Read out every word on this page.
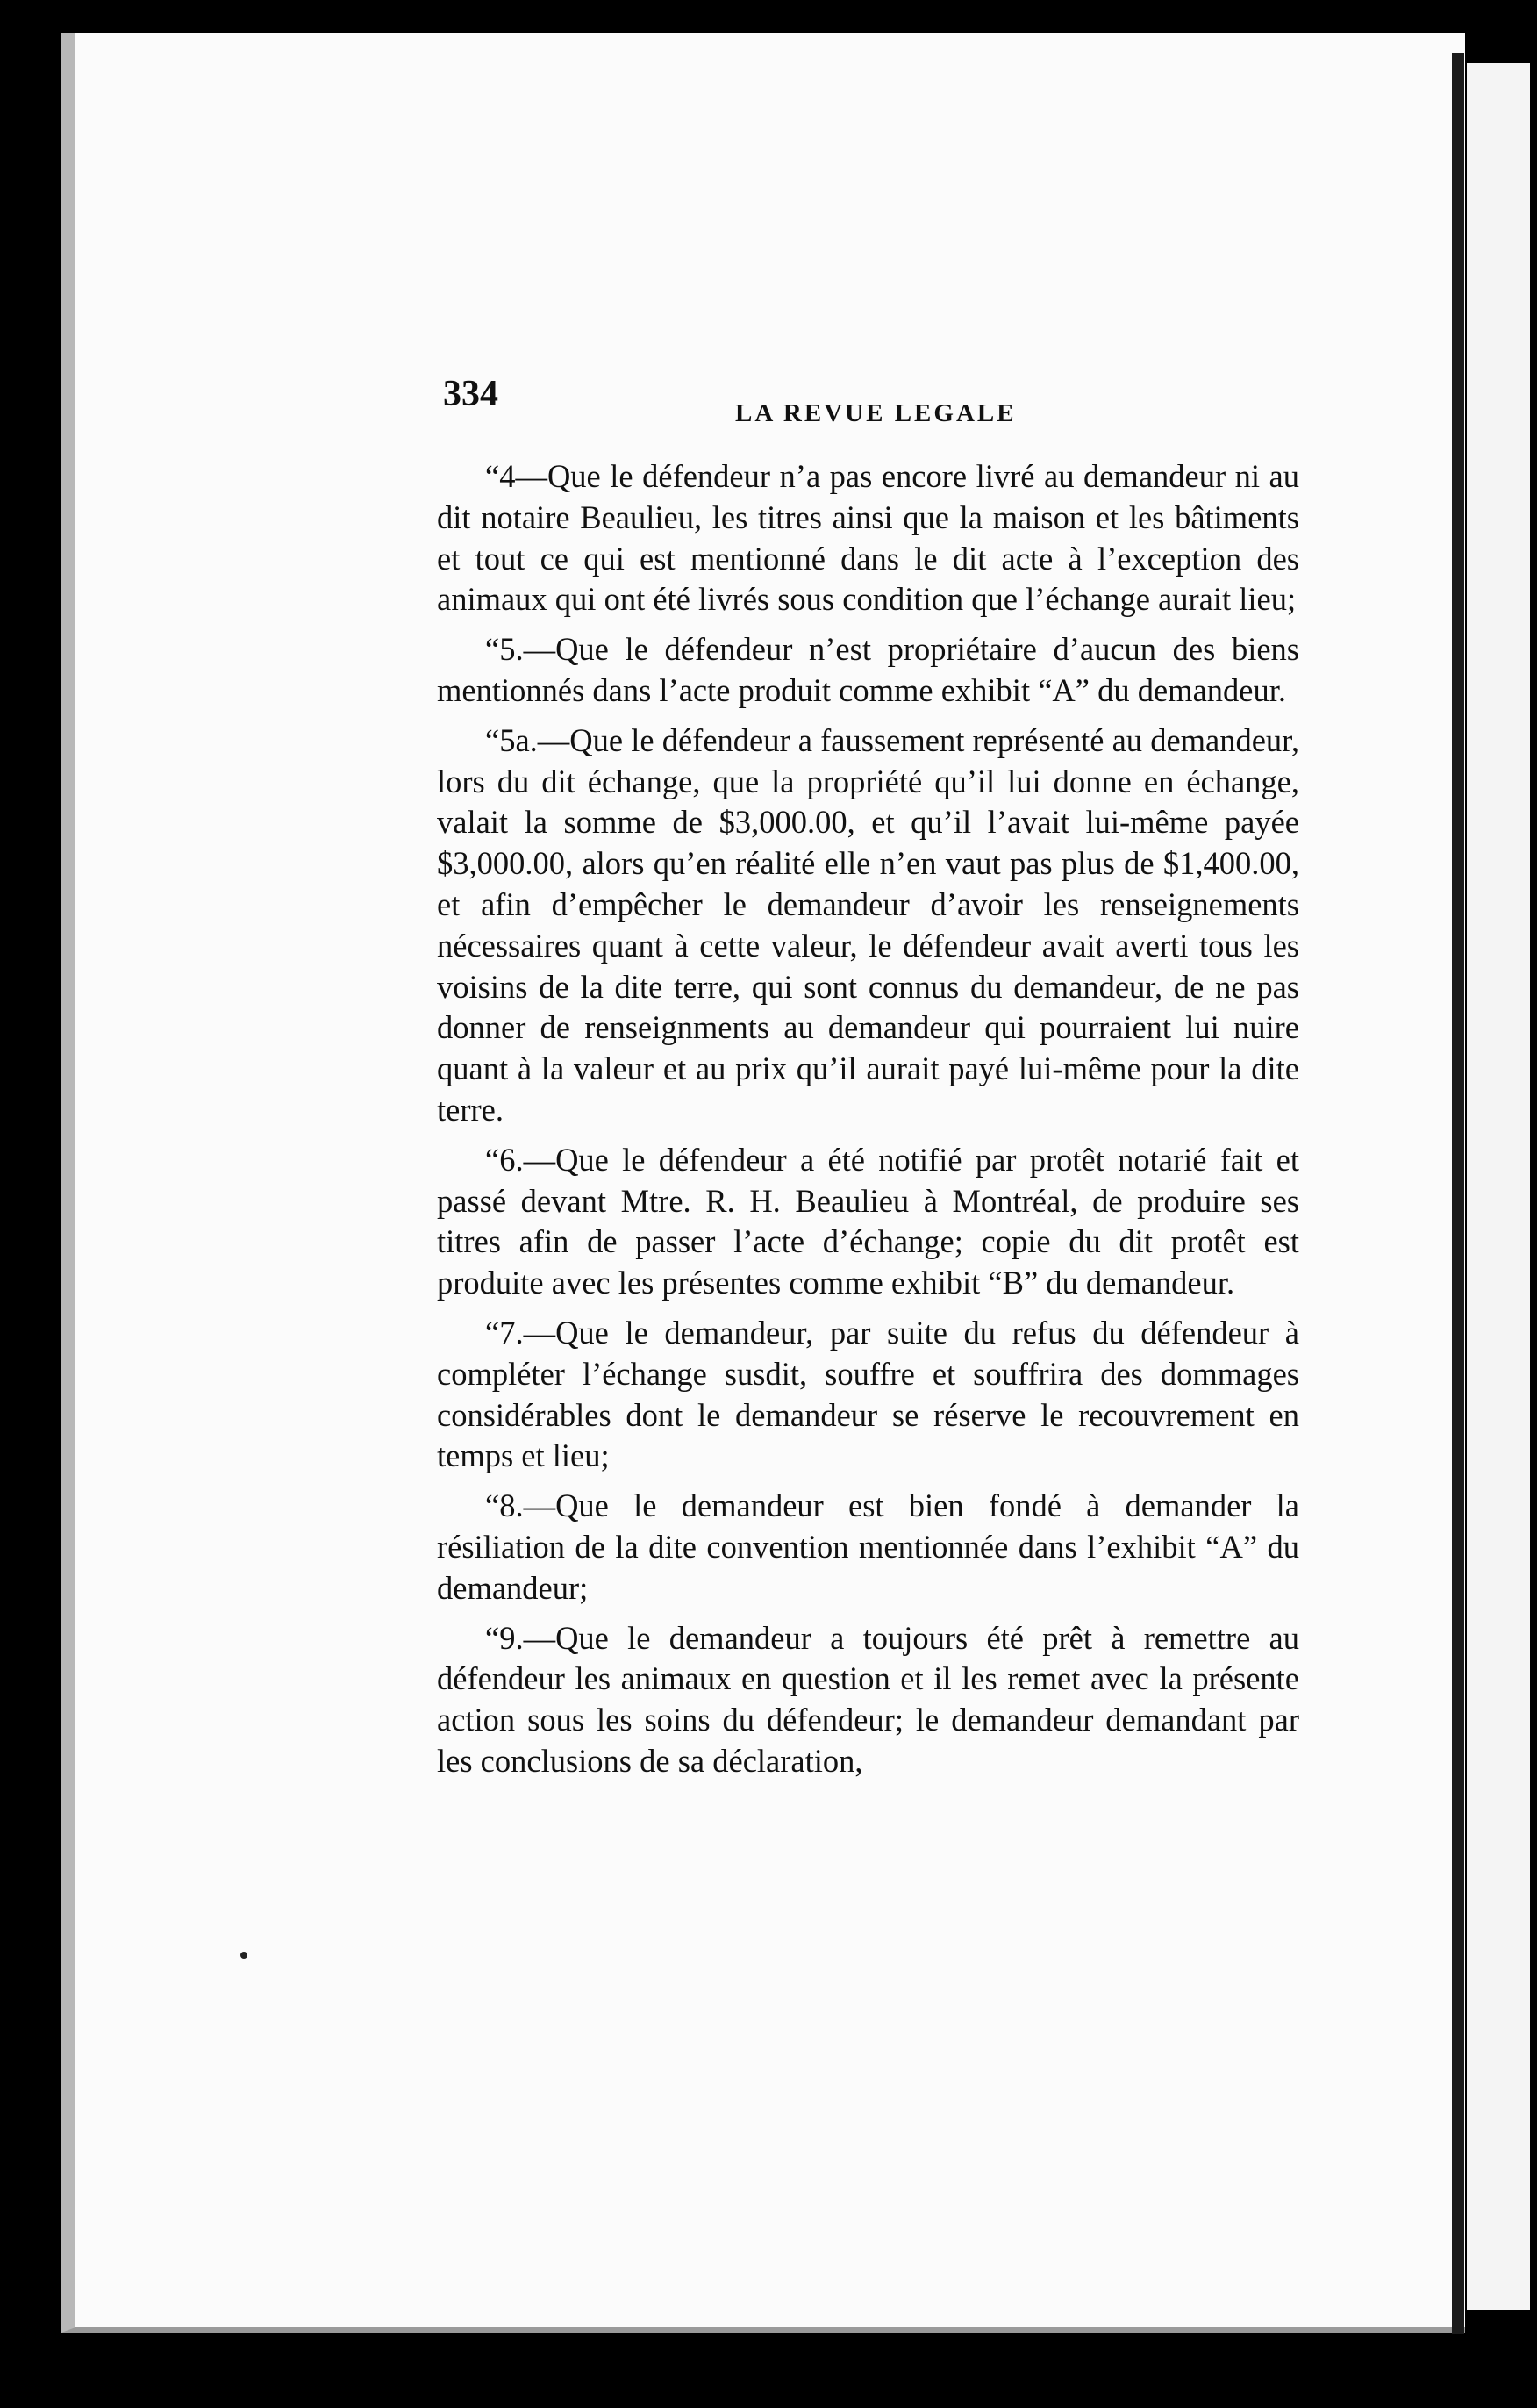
334	LA REVUE LEGALE

“4—Que le défendeur n’a pas encore livré au demandeur ni au dit notaire Beaulieu, les titres ainsi que la maison et les bâtiments et tout ce qui est mentionné dans le dit acte à l’exception des animaux qui ont été livrés sous condition que l’échange aurait lieu;

“5.—Que le défendeur n’est propriétaire d’aucun des biens mentionnés dans l’acte produit comme exhibit “A” du demandeur.

“5a.—Que le défendeur a faussement représenté au demandeur, lors du dit échange, que la propriété qu’il lui donne en échange, valait la somme de $3,000.00, et qu’il l’avait lui-même payée $3,000.00, alors qu’en réalité elle n’en vaut pas plus de $1,400.00, et afin d’empêcher le demandeur d’avoir les renseignements nécessaires quant à cette valeur, le défendeur avait averti tous les voisins de la dite terre, qui sont connus du demandeur, de ne pas donner de renseignments au demandeur qui pourraient lui nuire quant à la valeur et au prix qu’il aurait payé lui-même pour la dite terre.

“6.—Que le défendeur a été notifié par protêt notarié fait et passé devant Mtre. R. H. Beaulieu à Montréal, de produire ses titres afin de passer l’acte d’échange; copie du dit protêt est produite avec les présentes comme exhibit “B” du demandeur.

“7.—Que le demandeur, par suite du refus du défendeur à compléter l’échange susdit, souffre et souffrira des dommages considérables dont le demandeur se réserve le recouvrement en temps et lieu;

“8.—Que le demandeur est bien fondé à demander la résiliation de la dite convention mentionnée dans l’exhibit “A” du demandeur;

“9.—Que le demandeur a toujours été prêt à remettre au défendeur les animaux en question et il les remet avec la présente action sous les soins du défendeur; le demandeur demandant par les conclusions de sa déclaration,
